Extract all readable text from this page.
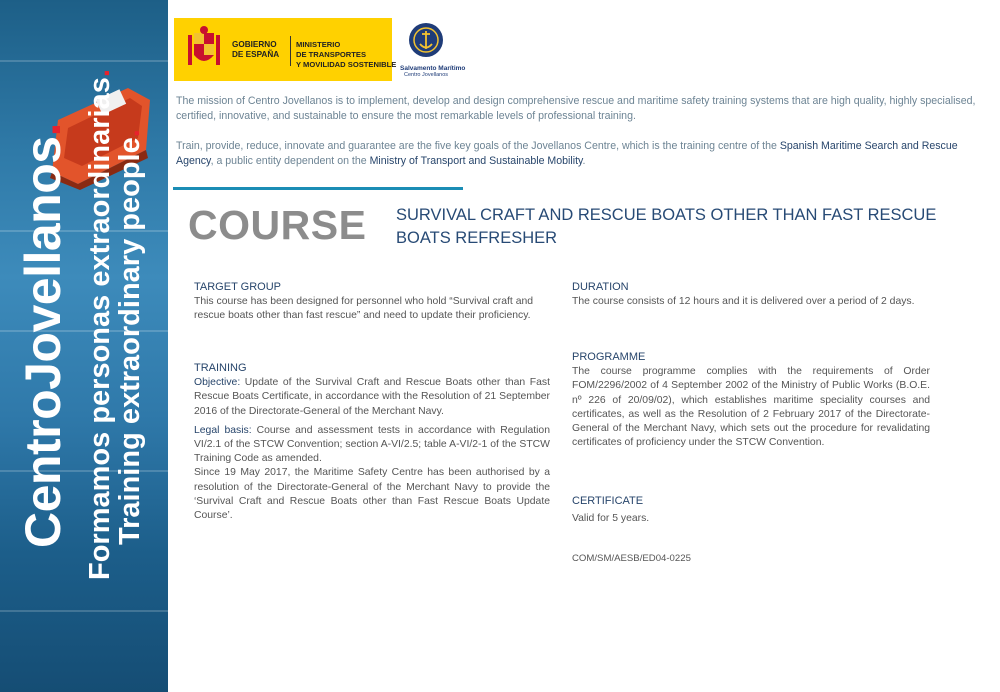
CentroJovellanos. Formamos personas extraordinarias.
Training extraordinary people.
GOBIERNO
DE ESPAÑA
MINISTERIO
DE TRANSPORTES
Y MOVILIDAD SOSTENIBLE Salvamento Marítimo
Centro Jovellanos
The mission of Centro Jovellanos is to implement, develop and design comprehensive rescue and maritime safety training systems that are high quality, highly specialised, certified, innovative, and sustainable to ensure the most remarkable levels of professional training.
Train, provide, reduce, innovate and guarantee are the five key goals of the Jovellanos Centre, which is the training centre of the Spanish Maritime Search and Rescue Agency, a public entity dependent on the Ministry of Transport and Sustainable Mobility.
COURSE SURVIVAL CRAFT AND RESCUE BOATS OTHER THAN FAST RESCUE BOATS REFRESHER
TARGET GROUP
This course has been designed for personnel who hold “Survival craft and rescue boats other than fast rescue” and need to update their proficiency.
TRAINING
Objective: Update of the Survival Craft and Rescue Boats other than Fast Rescue Boats Certificate, in accordance with the Resolution of 21 September 2016 of the Directorate-General of the Merchant Navy.
Legal basis: Course and assessment tests in accordance with Regulation VI/2.1 of the STCW Convention; section A-VI/2.5; table A-VI/2-1 of the STCW Training Code as amended.
Since 19 May 2017, the Maritime Safety Centre has been authorised by a resolution of the Directorate-General of the Merchant Navy to provide the ‘Survival Craft and Rescue Boats other than Fast Rescue Boats Update Course’.
DURATION
The course consists of 12 hours and it is delivered over a period of 2 days.
PROGRAMME
The course programme complies with the requirements of Order FOM/2296/2002 of 4 September 2002 of the Ministry of Public Works (B.O.E. nº 226 of 20/09/02), which establishes maritime speciality courses and certificates, as well as the Resolution of 2 February 2017 of the Directorate-General of the Merchant Navy, which sets out the procedure for revalidating certificates of proficiency under the STCW Convention.
CERTIFICATE
Valid for 5 years.
COM/SM/AESB/ED04-0225
